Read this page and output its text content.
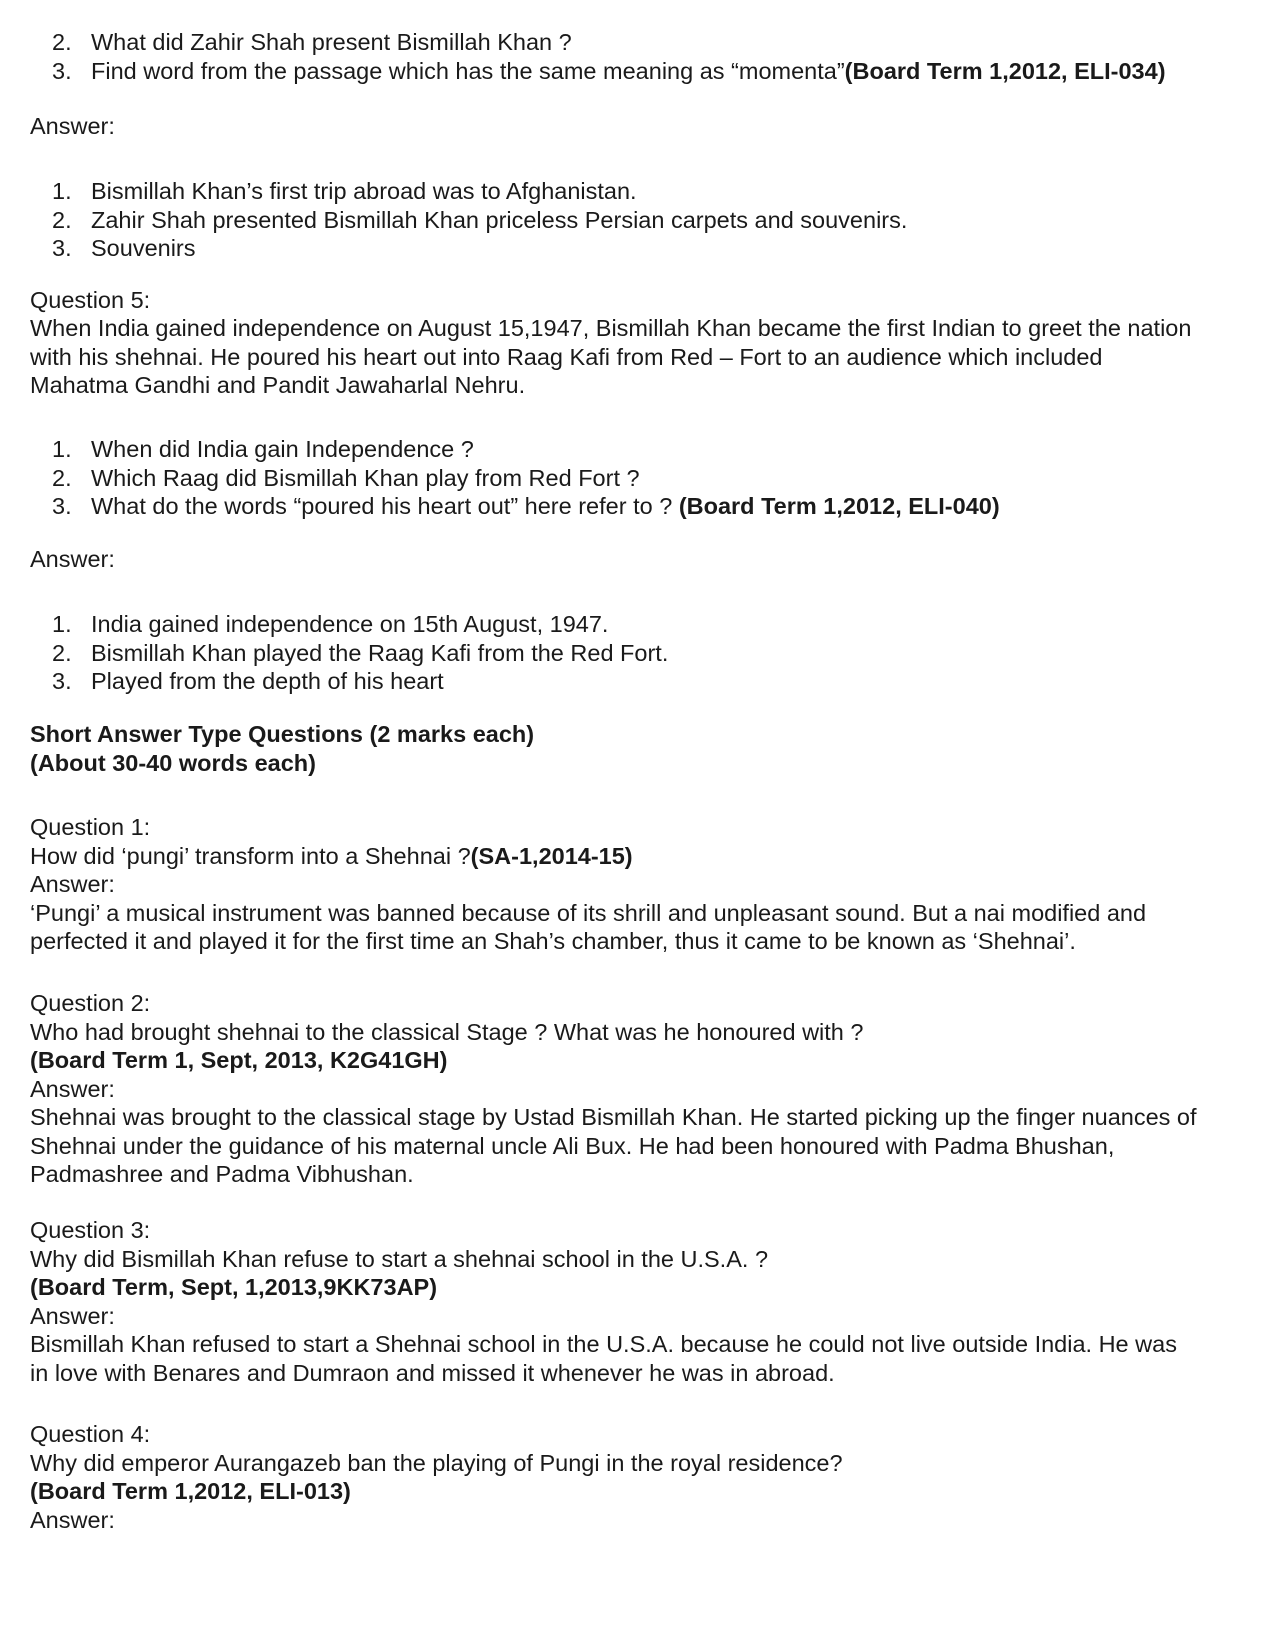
2. What did Zahir Shah present Bismillah Khan ?
3. Find word from the passage which has the same meaning as “momenta”(Board Term 1,2012, ELI-034)

Answer:

1. Bismillah Khan’s first trip abroad was to Afghanistan.
2. Zahir Shah presented Bismillah Khan priceless Persian carpets and souvenirs.
3. Souvenirs

Question 5:

When India gained independence on August 15,1947, Bismillah Khan became the first Indian to greet the nation
with his shehnai. He poured his heart out into Raag Kafi from Red – Fort to an audience which included
Mahatma Gandhi and Pandit Jawaharlal Nehru.
1. When did India gain Independence ?
2. Which Raag did Bismillah Khan play from Red Fort ?
3. What do the words “poured his heart out” here refer to ? (Board Term 1,2012, ELI-040)

Answer:

1. India gained independence on 15th August, 1947.
2. Bismillah Khan played the Raag Kafi from the Red Fort.
3. Played from the depth of his heart
Short Answer Type Questions (2 marks each)
(About 30-40 words each)
Question 1:
How did ‘pungi’ transform into a Shehnai ?(SA-1,2014-15)
Answer:
‘Pungi’ a musical instrument was banned because of its shrill and unpleasant sound. But a nai modified and
perfected it and played it for the first time an Shah’s chamber, thus it came to be known as ‘Shehnai’.
Question 2:
Who had brought shehnai to the classical Stage ? What was he honoured with ?
(Board Term 1, Sept, 2013, K2G41GH)
Answer:
Shehnai was brought to the classical stage by Ustad Bismillah Khan. He started picking up the finger nuances of
Shehnai under the guidance of his maternal uncle Ali Bux. He had been honoured with Padma Bhushan,
Padmashree and Padma Vibhushan.
Question 3:
Why did Bismillah Khan refuse to start a shehnai school in the U.S.A. ?
(Board Term, Sept, 1,2013,9KK73AP)
Answer:
Bismillah Khan refused to start a Shehnai school in the U.S.A. because he could not live outside India. He was
in love with Benares and Dumraon and missed it whenever he was in abroad.
Question 4:
Why did emperor Aurangazeb ban the playing of Pungi in the royal residence?
(Board Term 1,2012, ELI-013)
Answer:
